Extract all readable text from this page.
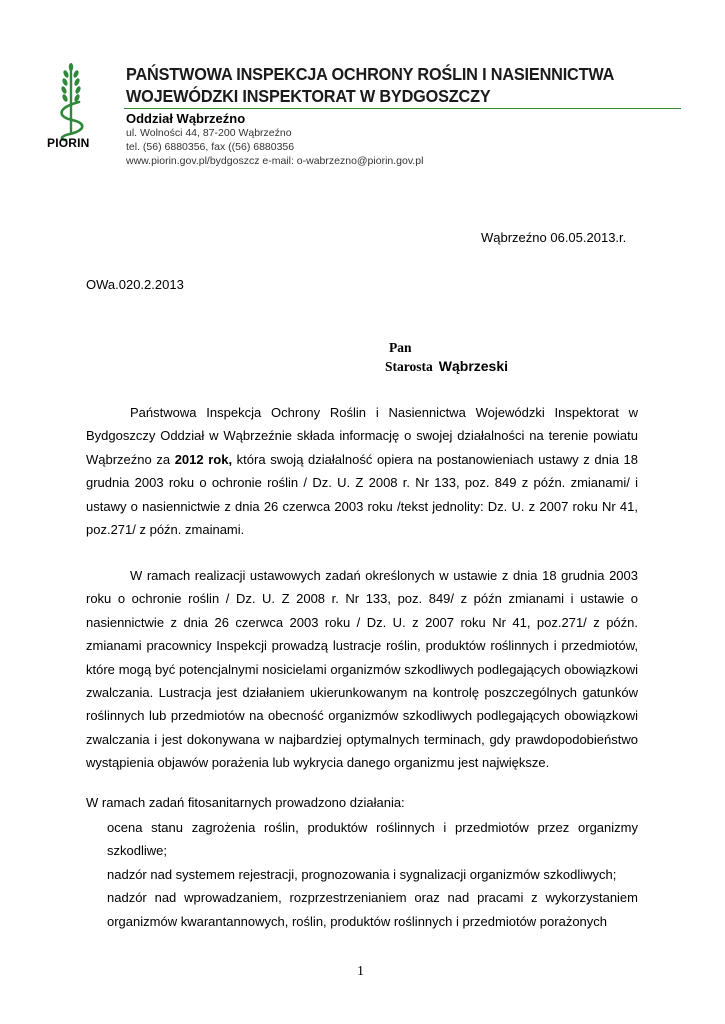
PIORIN
PAŃSTWOWA INSPEKCJA OCHRONY ROŚLIN I NASIENNICTWA
WOJEWÓDZKI INSPEKTORAT W BYDGOSZCZY
Oddział Wąbrzeźno
ul. Wolności 44, 87-200 Wąbrzeźno
tel. (56) 6880356, fax ((56) 6880356
www.piorin.gov.pl/bydgoszcz e-mail: o-wabrzezno@piorin.gov.pl
Wąbrzeźno 06.05.2013.r.
OWa.020.2.2013
Pan
Starosta Wąbrzeski

Państwowa Inspekcja Ochrony Roślin i Nasiennictwa Wojewódzki Inspektorat w Bydgoszczy Oddział w Wąbrzeźnie składa informację o swojej działalności na terenie powiatu Wąbrzeźno za 2012 rok, która swoją działalność opiera na postanowieniach ustawy z dnia 18 grudnia 2003 roku o ochronie roślin / Dz. U. Z 2008 r. Nr 133, poz. 849 z późn. zmianami/ i ustawy o nasiennictwie z dnia 26 czerwca 2003 roku /tekst jednolity: Dz. U. z 2007 roku Nr 41, poz.271/ z późn. zmainami.

W ramach realizacji ustawowych zadań określonych w ustawie z dnia 18 grudnia 2003 roku o ochronie roślin / Dz. U. Z 2008 r. Nr 133, poz. 849/ z późn zmianami i ustawie o nasiennictwie z dnia 26 czerwca 2003 roku / Dz. U. z 2007 roku Nr 41, poz.271/ z późn. zmianami pracownicy Inspekcji prowadzą lustracje roślin, produktów roślinnych i przedmiotów, które mogą być potencjalnymi nosicielami organizmów szkodliwych podlegających obowiązkowi zwalczania. Lustracja jest działaniem ukierunkowanym na kontrolę poszczególnych gatunków roślinnych lub przedmiotów na obecność organizmów szkodliwych podlegających obowiązkowi zwalczania i jest dokonywana w najbardziej optymalnych terminach, gdy prawdopodobieństwo wystąpienia objawów porażenia lub wykrycia danego organizmu jest największe.

W ramach zadań fitosanitarnych prowadzono działania:
ocena stanu zagrożenia roślin, produktów roślinnych i przedmiotów przez organizmy szkodliwe;
nadzór nad systemem rejestracji, prognozowania i sygnalizacji organizmów szkodliwych;
nadzór nad wprowadzaniem, rozprzestrzenianiem oraz nad pracami z wykorzystaniem organizmów kwarantannowych, roślin, produktów roślinnych i przedmiotów porażonych
1
